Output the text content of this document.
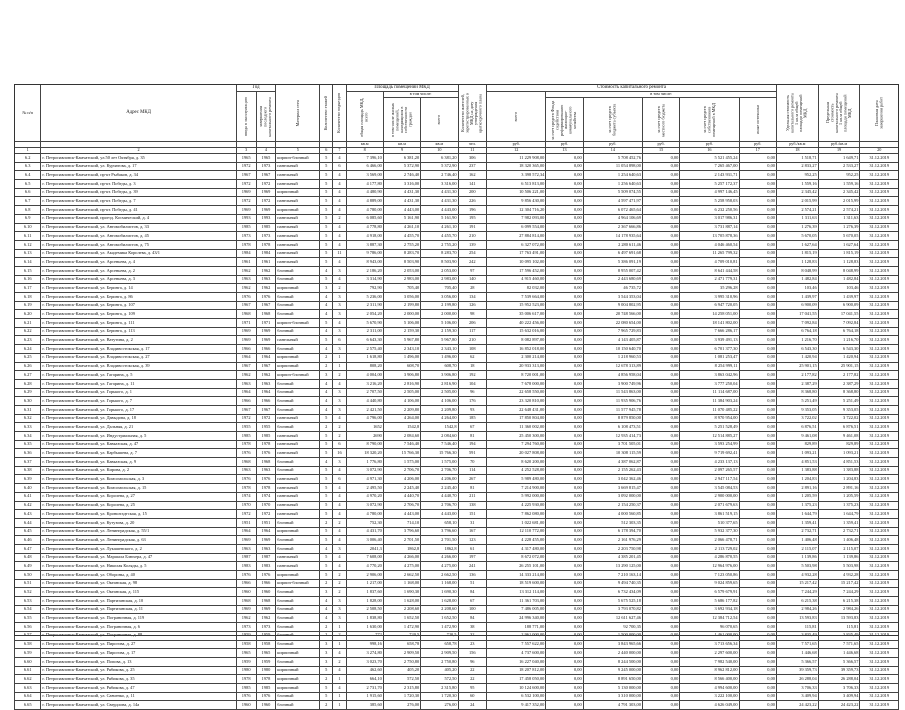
№ п/п	Адрес МКД	Год		Материал стен	Количество этажей	Количество подъездов	Площадь помещений МКД			Количество жителей, зарегистрированных в МКД на дату утверждения краткосрочного плана	Стоимость капитального ремонта						Удельная стоимость капитального ремонта 1 кв.м общей площади помещений МКД	Предельная стоимость капитального ремонта 1 кв.м общей площади помещений МКД	Плановая дата завершения работ

		ввода в эксплуатацию	завершения последнего капитального ремонта				общая площадь МКД, всего	в том числе:			всего	в том числе:							

								в том числе жилых помещений, находящихся в собственности граждан	всего			за счет средств Фонда содействия реформированию жилищно-коммунального хозяйства	за счет средств бюджета субъекта	за счет средств местного бюджета	за счет средств собственников помещений в МКД	иные источники			

							кв.м	кв.м	кв.м	чел.	руб.	руб.	руб.	руб.	руб.	руб.	руб./кв.м	руб./кв.м	
1	2	3	4	5	6	7	8	9	10	11	12	13	14	15	16	17	18	19	20
6.2	г. Петропавловск-Камчатский, ул.50 лет Октября, д. 35	1965	1965	кирпич-блочный	5	4	7 396,10	6 381,20	6 381,20	306	11 229 908,00	0,00	5 708 452,76	0,00	5 521 455,24	0,00	1 518,71	1 649,71	31.12.2019
6.3	г. Петропавловск-Камчатский, ул. Курчатова, д. 17	1972	1973	панельный	5	6	6 466,00	5 372,90	5 372,90	237	18 320 365,00	0,00	11 054 898,00	0,00	7 265 467,00	0,00	2 833,27	2 533,27	31.12.2019
6.4	г. Петропавловск-Камчатский, пр-кт Рыбаков, д. 34	1967	1967	панельный	5	4	3 569,00	2 746,40	2 746,40	162	3 398 572,34	0,00	1 254 640,63	0,00	2 143 931,71	0,00	952,25	952,25	31.12.2019
6.5	г. Петропавловск-Камчатский, пр-кт. Победы, д. 3	1972	1972	панельный	5	4	4 177,80	3 316,00	3 316,00	141	6 513 813,00	0,00	1 256 640,63	0,00	5 257 172,37	0,00	1 559,16	1 559,16	31.12.2019
6.6	г. Петропавловск-Камчатский, пр-кт. Победы, д. 39	1969	1969	кирпичный	5	4	4 480,90	4 431,30	4 431,30	200	10 506 221,00	0,00	5 509 074,55	0,00	4 997 146,45	0,00	2 345,42	2 345,42	31.12.2019
6.7	г. Петропавловск-Камчатский, пр-кт. Победы, д. 7	1972	1972	панельный	5	4	4 889,00	4 431,30	4 431,30	226	9 856 430,00	0,00	4 597 471,97	0,00	5 258 958,03	0,00	2 015,99	2 015,99	31.12.2019
6.8	г. Петропавловск-Камчатский, пр-кт. Победы, д. 41	1969	1969	кирпичный	5	4	4 780,00	4 443,00	4 443,00	196	12 304 716,20	0,00	6 072 465,64	0,00	6 232 250,56	0,00	2 574,21	2 574,21	31.12.2019
6.9	г. Петропавловск-Камчатский, проезд. Космический, д. 4	1993	1993	панельный	5	2	6 085,60	5 161,90	5 161,90	195	7 982 093,00	0,00	4 964 106,69	0,00	3 017 986,31	0,00	1 311,63	1 311,63	31.12.2019
6.10	г. Петропавловск-Камчатский, ул. Автомобилистов, д. 33	1985	1985	панельный	5	4	4 778,80	4 261,10	4 261,10	191	6 099 554,00	0,00	2 367 666,86	0,00	3 731 887,14	0,00	1 276,39	1 276,39	31.12.2019
6.11	г. Петропавловск-Камчатский, ул. Автомобилистов, д. 45	1973	1973	панельный	5	4	4 918,00	4 455,70	4 455,70	210	27 884 814,00	0,00	14 178 935,64	0,00	13 705 878,36	0,00	5 670,05	5 670,05	31.12.2019
6.12	г. Петропавловск-Камчатский, ул. Автомобилистов, д. 75	1978	1978	панельный	5	4	3 887,30	2 755,20	2 755,20	139	6 327 072,00	0,00	2 280 611,46	0,00	4 046 460,54	0,00	1 627,64	1 627,64	31.12.2019
6.13	г. Петропавловск-Камчатский, ул. Академика Королева, д. 43/1	1984	1984	панельный	5	11	9 786,00	8 283,70	8 283,70	254	17 763 491,00	0,00	6 497 691,68	0,00	11 265 799,32	0,00	1 815,19	1 815,19	31.12.2019
6.14	г. Петропавловск-Камчатский, ул. Арсеньева, д. 4	1961	1961	панельный	5	4	8 943,00	8 503,90	8 503,90	242	10 095 102,00	0,00	5 386 091,19	0,00	4 709 010,81	0,00	1 128,83	1 128,83	31.12.2019
6.15	г. Петропавловск-Камчатский, ул. Арсеньева, д. 2	1962	1962	блочный	4	3	2 186,20	2 053,00	2 053,00	97	17 596 452,00	0,00	8 955 007,42	0,00	8 641 444,58	0,00	8 048,99	8 048,99	31.12.2019
6.16	г. Петропавловск-Камчатский, ул. Арсеньева, д. 3	1963	1963	блочный	5	4	3 314,90	2 983,00	2 983,00	140	4 915 460,00	0,00	2 443 680,69	0,00	2 471 779,31	0,00	1 482,84	1 482,84	31.12.2019
6.17	г. Петропавловск-Камчатский, ул. Беринга, д. 14	1962	1962	кирпичный	3	2	792,90	705,40	705,40	28	82 032,00	0,00	46 735,72	0,00	35 296,28	0,00	103,46	103,46	31.12.2019
6.18	г. Петропавловск-Камчатский, ул. Беринга, д. 86	1976	1976	блочный	4	3	5 236,00	3 056,00	3 056,00	134	7 539 664,00	0,00	3 544 353,04	0,00	3 995 310,96	0,00	1 439,97	1 439,97	31.12.2019
6.19	г. Петропавловск-Камчатский, ул. Беринга, д. 107	1967	1967	блочный	4	3	2 311,90	2 199,80	2 199,80	126	15 952 523,00	0,00	9 004 802,95	0,00	6 947 720,05	0,00	6 900,09	6 900,09	31.12.2019
6.20	г. Петропавловск-Камчатский, ул. Беринга, д. 109	1968	1968	блочный	4	3	2 054,20	2 000,00	2 000,00	98	35 006 617,00	0,00	20 748 566,00	0,00	14 258 051,00	0,00	17 041,55	17 041,55	31.12.2019
6.21	г. Петропавловск-Камчатский, ул. Беринга, д. 111	1971	1971	кирпич-блочный	5	4	5 670,90	5 106,00	5 106,00	206	40 222 456,00	0,00	22 080 654,00	0,00	18 141 802,00	0,00	7 092,84	7 092,84	31.12.2019
6.22	г. Петропавловск-Камчатский, ул. Беринга, д. 113	1969	1969	блочный	4	3	2 311,00	2 159,30	2 159,30	117	15 632 016,00	0,00	7 965 729,83	0,00	7 666 286,17	0,00	6 764,18	6 764,18	31.12.2019
6.23	г. Петропавловск-Камчатский, ул. Ватутина, д. 2	1969	1969	панельный	5	6	6 643,30	5 967,80	5 967,80	210	8 082 897,00	0,00	4 143 405,87	0,00	3 939 491,13	0,00	1 216,70	1 216,70	31.12.2019
6.24	г. Петропавловск-Камчатский, ул. Владивостокская, д. 17	1966	1966	блочный	4	3	2 575,40	2 343,10	2 343,10	108	16 852 018,00	0,00	10 150 640,70	0,00	6 701 377,30	0,00	6 543,30	6 543,30	31.12.2019
6.25	г. Петропавловск-Камчатский, ул. Владивостокская, д. 27	1964	1964	кирпичный	2	1	1 618,80	1 496,00	1 496,00	62	2 300 214,00	0,00	1 218 960,53	0,00	1 081 253,47	0,00	1 420,94	1 420,94	31.12.2019
6.26	г. Петропавловск-Камчатский, ул. Владивостокская, д. 39	1967	1967	кирпичный	2	1	808,20	608,70	608,70	18	20 933 313,00	0,00	12 678 313,89	0,00	8 254 999,11	0,00	25 901,15	25 901,15	31.12.2019
6.27	г. Петропавловск-Камчатский, ул. Гагарина, д. 5	1962	1962	кирпич-блочный	3	2	4 004,00	3 906,80	3 906,80	192	8 720 001,00	0,00	4 856 958,04	0,00	3 863 042,96	0,00	2 177,82	2 177,82	31.12.2019
6.28	г. Петропавловск-Камчатский, ул. Гагарина, д. 11	1963	1963	блочный	4	4	3 216,20	2 816,90	2 816,90	104	7 678 000,00	0,00	3 900 749,96	0,00	3 777 250,04	0,00	2 387,29	2 387,29	31.12.2019
6.29	г. Петропавловск-Камчатский, ул. Горького, д. 1	1964	1964	блочный	4	3	2 707,50	2 505,00	2 505,00	96	22 658 550,00	0,00	11 543 863,00	0,00	11 114 687,00	0,00	8 368,80	8 368,80	31.12.2019
6.30	г. Петропавловск-Камчатский, ул. Горького, д. 7	1966	1966	блочный	4	3	4 440,80	4 106,00	4 106,00	176	23 320 810,00	0,00	11 935 906,76	0,00	11 384 903,24	0,00	5 251,49	5 251,49	31.12.2019
6.31	г. Петропавловск-Камчатский, ул. Горького, д. 17	1967	1967	блочный	4	3	2 421,50	2 209,80	2 209,80	93	22 648 431,00	0,00	11 577 945,78	0,00	11 070 485,22	0,00	9 353,05	9 353,05	31.12.2019
6.32	г. Петропавловск-Камчатский, ул. Давыдова, д. 18	1972	1972	панельный	5	4	4 796,00	4 264,00	4 264,00	185	17 850 804,00	0,00	8 879 850,00	0,00	8 970 954,00	0,00	3 722,02	3 722,02	31.12.2019
6.33	г. Петропавловск-Камчатский, ул. Дальняя, д. 21	1955	1955	блочный	2	2	1652	1542,8	1542,8	67	11 360 002,00	0,00	6 108 473,51	0,00	5 251 528,49	0,00	6 876,51	6 876,51	31.12.2019
6.34	г. Петропавловск-Камчатский, ул. Индустриальная, д. 5	1985	1985	панельный	5	2	2690	2 084,60	2 084,60	81	25 450 300,00	0,00	12 935 414,73	0,00	12 514 885,27	0,00	9 461,08	9 461,08	31.12.2019
6.35	г. Петропавловск-Камчатский, ул. Кавказская, д. 47	1978	1978	панельный	5	6	8 790,00	7 546,40	7 546,40	194	7 294 760,00	0,00	3 701 505,01	0,00	3 593 254,99	0,00	829,89	829,89	31.12.2019
6.36	г. Петропавловск-Камчатский, ул. Карбышева, д. 7	1976	1976	панельный	5	16	18 320,20	15 766,30	15 766,30	591	20 027 808,00	0,00	10 308 115,59	0,00	9 719 692,41	0,00	1 093,21	1 093,21	31.12.2019
6.37	г. Петропавловск-Камчатский, ул. Кавказская, д. 9	1968	1968	блочный	4	3	1 776,80	1 575,00	1 575,00	70	8 620 200,00	0,00	4 387 062,87	0,00	4 233 137,13	0,00	4 851,53	4 851,53	31.12.2019
6.38	г. Петропавловск-Камчатский, ул. Кирова, д. 2	1963	1963	блочный	5	4	3 072,90	2 706,70	2 706,70	114	4 252 528,00	0,00	2 155 262,43	0,00	2 097 265,57	0,00	1 383,88	1 383,88	31.12.2019
6.39	г. Петропавловск-Камчатский, ул. Комсомольская, д. 3	1976	1976	панельный	5	6	4 971,30	4 206,00	4 206,00	267	5 989 480,00	0,00	3 042 362,46	0,00	2 947 117,54	0,00	1 204,83	1 204,83	31.12.2019
6.40	г. Петропавловск-Камчатский, ул. Комсомольская, д. 15	1978	1978	панельный	5	4	2 495,50	2 245,40	2 245,40	81	7 214 900,00	0,00	3 669 815,47	0,00	3 545 084,53	0,00	2 891,16	2 891,16	31.12.2019
6.41	г. Петропавловск-Камчатский, ул. Королева, д. 27	1974	1974	панельный	5	4	4 970,20	4 440,70	4 440,70	211	5 992 000,00	0,00	3 092 000,00	0,00	2 900 000,00	0,00	1 205,59	1 205,59	31.12.2019
6.42	г. Петропавловск-Камчатский, ул. Королева, д. 25	1970	1970	панельный	5	4	3 072,90	2 706,70	2 706,70	138	4 225 930,00	0,00	2 154 250,37	0,00	2 071 679,63	0,00	1 375,23	1 375,23	31.12.2019
6.43	г. Петропавловск-Камчатский, ул. Кронштадтская, д. 15	1972	1972	панельный	5	4	4 780,00	4 443,00	4 443,00	151	7 862 080,00	0,00	4 000 560,85	0,00	3 861 519,15	0,00	1 644,79	1 644,79	31.12.2019
6.44	г. Петропавловск-Камчатский, ул. Кутузова, д. 20	1951	1951	блочный	2	2	752,30	714,10	658,10	31	1 022 681,00	0,00	512 303,35	0,00	510 377,65	0,00	1 359,41	1 359,41	31.12.2019
6.45	г. Петропавловск-Камчатский, ул. Ленинградская, д. 55/1	1964	1964	кирпичный	5	4	4 431,70	3 796,60	3 796,60	167	12 110 772,00	0,00	6 178 394,70	0,00	5 932 377,30	0,00	2 732,71	2 732,71	31.12.2019
6.46	г. Петропавловск-Камчатский, ул. Ленинградская, д. 63	1969	1969	блочный	5	4	3 006,40	2 701,50	2 701,50	123	4 228 455,00	0,00	2 161 976,29	0,00	2 066 478,71	0,00	1 406,48	1 406,48	31.12.2019
6.47	г. Петропавловск-Камчатский, ул. Лукашевского, д. 2	1963	1963	блочный	4	3	2041,3	1862,8	1862,8	61	4 317 480,00	0,00	2 203 750,98	0,00	2 113 729,02	0,00	2 115,07	2 115,07	31.12.2019
6.48	г. Петропавловск-Камчатский, ул. Маршала Блюхера, д. 47	1987	1987	панельный	5	4	7 608,00	4 266,00	4 266,00	197	8 672 072,00	0,00	4 385 201,45	0,00	4 286 870,55	0,00	1 139,86	1 139,86	31.12.2019
6.49	г. Петропавловск-Камчатский, ул. Николая Коляды, д. 5	1983	1983	панельный	5	4	4 770,20	4 275,00	4 275,00	241	26 255 101,00	0,00	13 290 125,00	0,00	12 964 976,00	0,00	5 503,98	5 503,98	31.12.2019
6.50	г. Петропавловск-Камчатский, ул. Обороны, д. 40	1976	1976	кирпичный	5	2	2 906,00	2 662,50	2 662,50	136	14 333 214,00	0,00	7 210 163,14	0,00	7 123 050,86	0,00	4 932,28	4 932,28	31.12.2019
6.51	г. Петропавловск-Камчатский, ул. Океанская, д. 98	1966	1966	кирпич-блочный	2	2	1 217,00	1 168,00	1 168,00	51	18 519 600,00	0,00	9 494 740,35	0,00	9 024 859,65	0,00	15 217,42	15 217,42	31.12.2019
6.52	г. Петропавловск-Камчатский, ул. Океанская, д. 115	1960	1960	блочный	3	2	1 837,60	1 690,30	1 690,30	84	13 312 114,00	0,00	6 732 434,09	0,00	6 579 679,91	0,00	7 244,29	7 244,29	31.12.2019
6.53	г. Петропавловск-Камчатский, ул. Партизанская, д. 10	1968	1968	блочный	4	3	1 828,00	1 628,00	1 628,00	67	11 361 703,00	0,00	5 675 525,18	0,00	5 686 177,82	0,00	6 215,38	6 215,38	31.12.2019
6.54	г. Петропавловск-Камчатский, ул. Партизанская, д. 11	1969	1969	блочный	4	3	2 508,50	2 208,60	2 208,60	100	7 486 005,00	0,00	3 793 070,82	0,00	3 692 934,18	0,00	2 984,26	2 984,26	31.12.2019
6.55	г. Петропавловск-Камчатский, ул. Пограничная, д. 119	1962	1962	блочный	4	3	1 838,80	1 652,50	1 652,50	84	24 996 340,00	0,00	12 611 627,46	0,00	12 384 712,54	0,00	13 593,83	13 593,83	31.12.2019
6.56	г. Петропавловск-Камчатский, ул. Пограничная, д. 6	1973	1973	блочный	2	1	1 630,00	1 472,90	1 472,90	38	188 771,00	0,00	92 700,35	0,00	96 070,65	0,00	115,81	115,81	31.12.2019
6.57	г. Петропавловск-Камчатский, ул. Пограничная, д. 88	1959	1959	блочный	2	2	772	720,5	720,5	32	2 961 000,00	0,00	1 500 000,00	0,00	1 461 000,00	0,00	3 835,49	3 835,49	31.12.2019
6.58	г. Петропавловск-Камчатский, ул. Пирогова, д. 27	1958	1958	блочный	3	1	998,16	658,78	658,78	23	7 557 622,00	0,00	3 843 965,66	0,00	3 713 656,34	0,00	7 571,65	7 571,65	31.12.2019
6.59	г. Петропавловск-Камчатский, ул. Пирогова, д. 17	1965	1965	кирпичный	3	4	3 274,80	2 909,50	2 909,50	156	4 737 600,00	0,00	2 440 000,00	0,00	2 297 600,00	0,00	1 446,68	1 446,68	31.12.2019
6.60	г. Петропавловск-Камчатский, ул. Попова, д. 13	1959	1959	блочный	3	2	3 023,70	2 750,80	2 750,80	96	16 227 040,00	0,00	8 244 500,00	0,00	7 982 540,00	0,00	5 366,57	5 366,57	31.12.2019
6.61	г. Петропавловск-Камчатский, ул. Рябикова, д. 25	1980	1980	кирпичный	5	4	462,60	405,20	405,20	22	18 207 812,00	0,00	9 245 000,00	0,00	8 962 812,00	0,00	39 359,73	39 359,73	31.12.2019
6.62	г. Петропавловск-Камчатский, ул. Рябикова, д. 35	1978	1978	кирпичный	2	1	664,10	572,50	572,50	22	17 458 050,00	0,00	8 891 650,00	0,00	8 566 400,00	0,00	26 288,04	26 288,04	31.12.2019
6.63	г. Петропавловск-Камчатский, ул. Рябикова, д. 47	1985	1985	кирпичный	5	4	2 731,70	2 315,80	2 315,80	95	10 124 600,00	0,00	5 130 000,00	0,00	4 994 600,00	0,00	3 706,33	3 706,33	31.12.2019
6.64	г. Петропавловск-Камчатский, ул. Савченко, д. 11	1976	1976	блочный	5	1	1 915,60	1 720,30	1 720,30	60	6 532 100,00	0,00	3 310 000,00	0,00	3 222 100,00	0,00	3 409,94	3 409,94	31.12.2019
6.65	г. Петропавловск-Камчатский, ул. Свердлова, д. 14а	1960	1960	блочный	2	1	385,60	276,00	276,00	24	9 417 352,00	0,00	4 791 303,00	0,00	4 626 049,00	0,00	24 423,22	24 423,22	31.12.2019
